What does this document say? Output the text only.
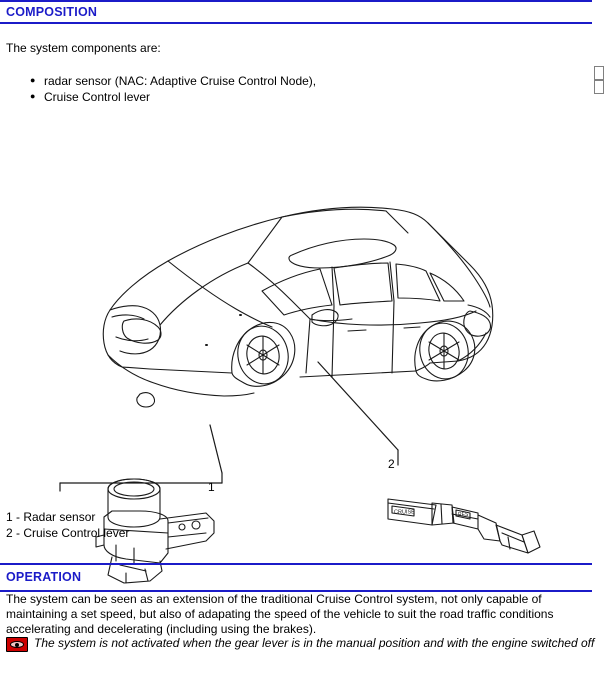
COMPOSITION
The system components are:
● radar sensor (NAC: Adaptive Cruise Control Node),
● Cruise Control lever
CRUISE	RES
1
2
1 - Radar sensor
2 - Cruise Control lever
OPERATION
The system can be seen as an extension of the traditional Cruise Control system, not only capable of maintaining a set speed, but also of adapating the speed of the vehicle to suit the road traffic conditions accelerating and decelerating (including using the brakes).
The system is not activated when the gear lever is in the manual position and with the engine switched off
